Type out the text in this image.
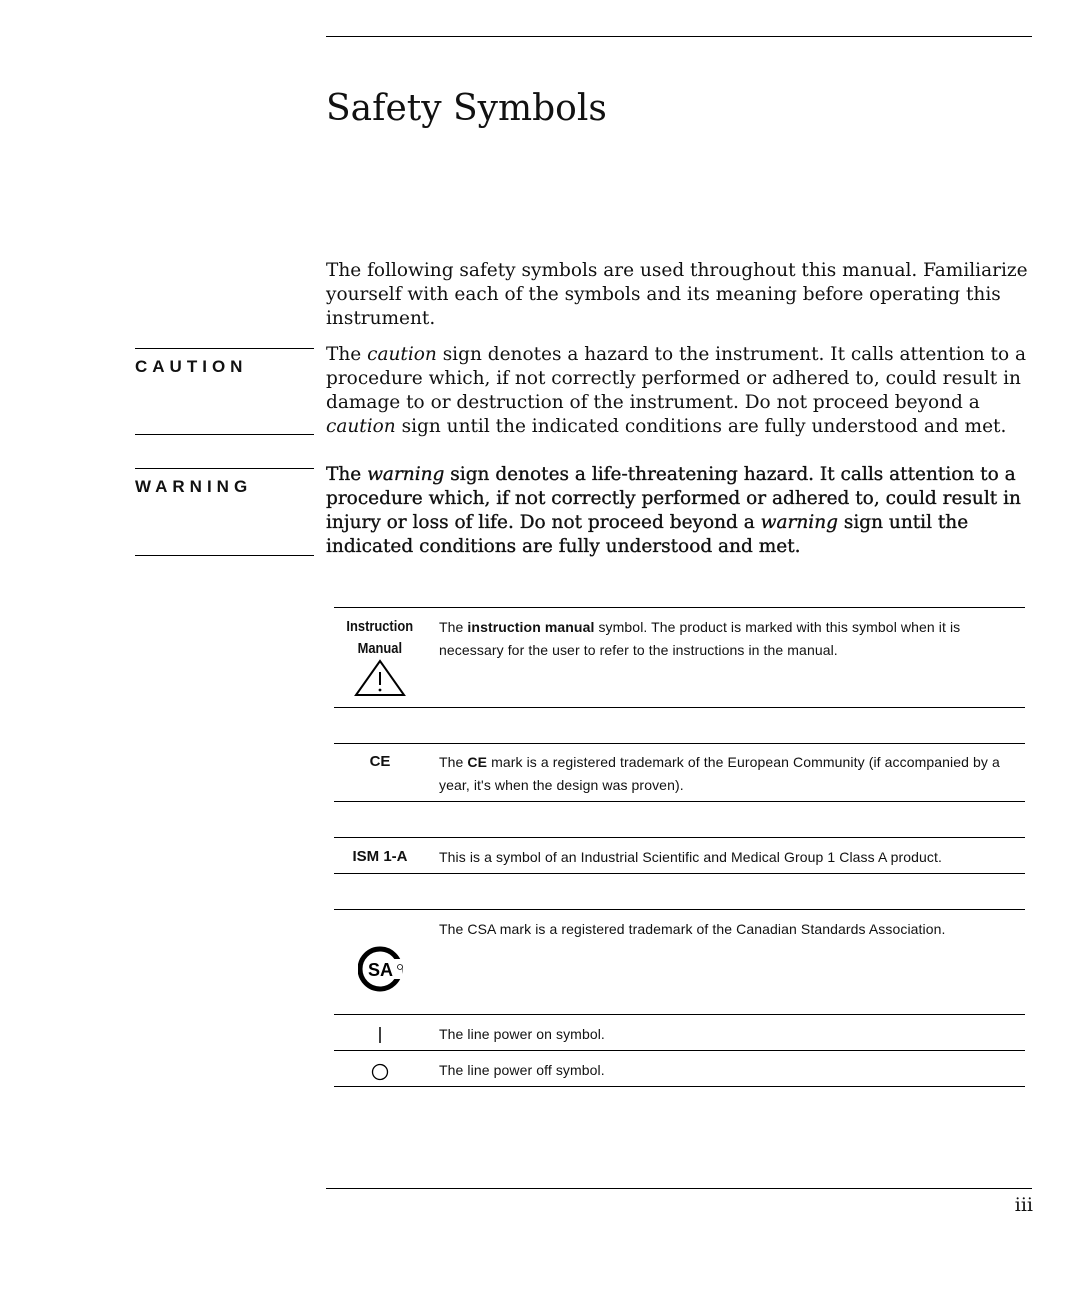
Safety Symbols

The following safety symbols are used throughout this manual. Familiarize yourself with each of the symbols and its meaning before operating this instrument.

CAUTION

The caution sign denotes a hazard to the instrument. It calls attention to a procedure which, if not correctly performed or adhered to, could result in damage to or destruction of the instrument. Do not proceed beyond a caution sign until the indicated conditions are fully understood and met.

WARNING

The warning sign denotes a life-threatening hazard. It calls attention to a procedure which, if not correctly performed or adhered to, could result in injury or loss of life. Do not proceed beyond a warning sign until the indicated conditions are fully understood and met.

Instruction
Manual
The instruction manual symbol. The product is marked with this symbol when it is necessary for the user to refer to the instructions in the manual.
CE	The CE mark is a registered trademark of the European Community (if accompanied by a year, it's when the design was proven).
ISM 1-A	This is a symbol of an Industrial Scientific and Medical Group 1 Class A product.
SA
The CSA mark is a registered trademark of the Canadian Standards Association.
The line power on symbol.
The line power off symbol.
iii
